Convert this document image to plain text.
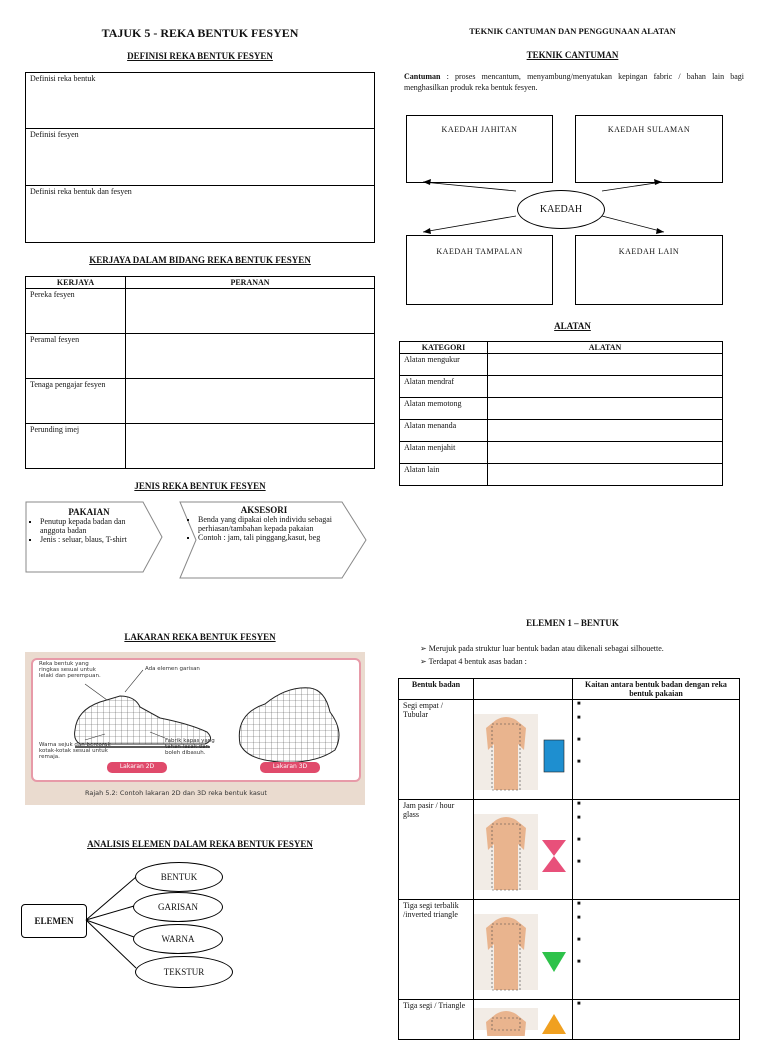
TAJUK 5 - REKA BENTUK FESYEN
DEFINISI REKA BENTUK FESYEN
Definisi reka bentuk
Definisi fesyen
Definisi reka bentuk dan fesyen
KERJAYA DALAM BIDANG REKA BENTUK FESYEN
KERJAYA	PERANAN
Pereka fesyen	
Peramal fesyen	
Tenaga pengajar fesyen	
Perunding imej	
JENIS REKA BENTUK FESYEN
PAKAIAN
▪ Penutup kepada badan dan anggota badan
▪ Jenis : seluar, blaus, T-shirt
AKSESORI
▪ Benda yang dipakai oleh individu sebagai perhiasan/tambahan kepada pakaian
▪ Contoh : jam, tali pinggang,kasut, beg
LAKARAN REKA BENTUK FESYEN
Reka bentuk yang ringkas sesuai untuk lelaki dan perempuan.
Ada elemen garisan
Warna sejuk dan bercorak kotak-kotak sesuai untuk remaja.
Fabrik kapas yang tahan lasak dan boleh dibasuh.
Lakaran 2D	Lakaran 3D
Rajah 5.2: Contoh lakaran 2D dan 3D reka bentuk kasut
ANALISIS ELEMEN DALAM REKA BENTUK FESYEN
ELEMEN
BENTUK
GARISAN
WARNA
TEKSTUR
TEKNIK CANTUMAN DAN PENGGUNAAN ALATAN
TEKNIK CANTUMAN
Cantuman : proses mencantum, menyambung/menyatukan kepingan fabric / bahan lain bagi menghasilkan produk reka bentuk fesyen.
KAEDAH JAHITAN	KAEDAH SULAMAN
KAEDAH
KAEDAH TAMPALAN	KAEDAH LAIN
ALATAN
KATEGORI	ALATAN
Alatan mengukur	
Alatan mendraf	
Alatan memotong	
Alatan menanda	
Alatan menjahit	
Alatan lain	
ELEMEN 1 – BENTUK
➢ Merujuk pada struktur luar bentuk badan atau dikenali sebagai silhouette.
➢ Terdapat 4 bentuk asas badan :
Bentuk badan		Kaitan antara bentuk badan dengan reka bentuk pakaian
Segi empat / Tubular		■
■
■
■

Jam pasir / hour glass		■
■
■
■

Tiga segi terbalik /inverted triangle		■
■
■
■

Tiga segi / Triangle		■
